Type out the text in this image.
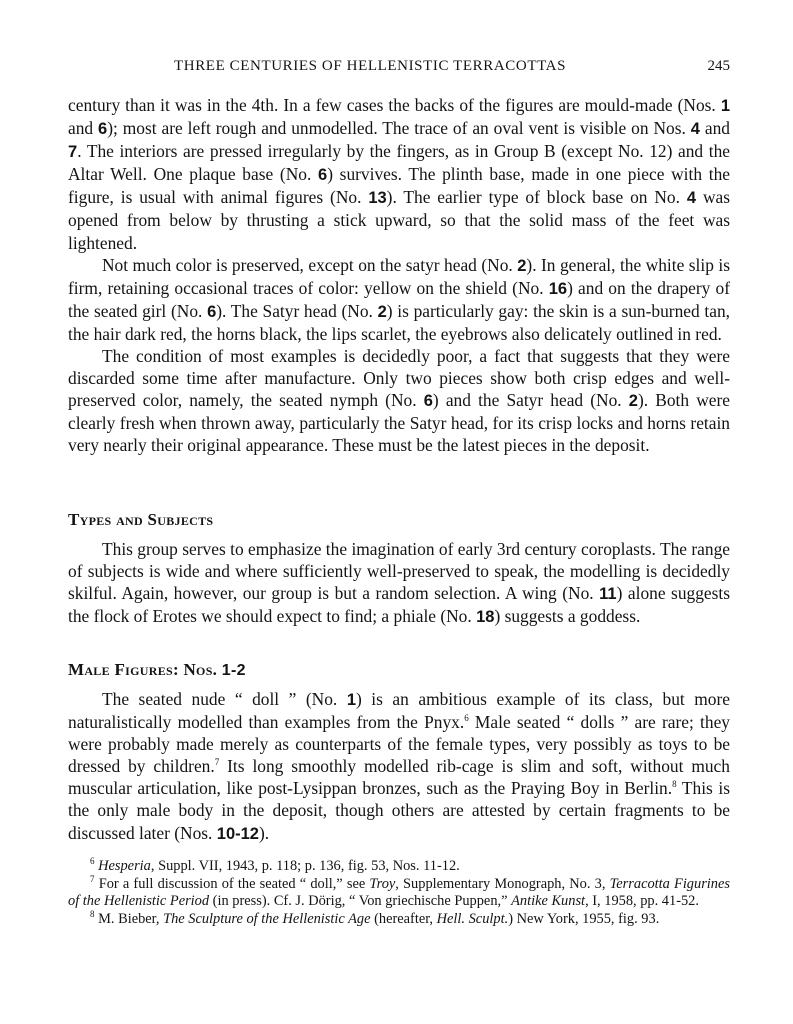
THREE CENTURIES OF HELLENISTIC TERRACOTTAS	245

century than it was in the 4th. In a few cases the backs of the figures are mould-made (Nos. 1 and 6); most are left rough and unmodelled. The trace of an oval vent is visible on Nos. 4 and 7. The interiors are pressed irregularly by the fingers, as in Group B (except No. 12) and the Altar Well. One plaque base (No. 6) survives. The plinth base, made in one piece with the figure, is usual with animal figures (No. 13). The earlier type of block base on No. 4 was opened from below by thrusting a stick upward, so that the solid mass of the feet was lightened.

Not much color is preserved, except on the satyr head (No. 2). In general, the white slip is firm, retaining occasional traces of color: yellow on the shield (No. 16) and on the drapery of the seated girl (No. 6). The Satyr head (No. 2) is particularly gay: the skin is a sun-burned tan, the hair dark red, the horns black, the lips scarlet, the eyebrows also delicately outlined in red.

The condition of most examples is decidedly poor, a fact that suggests that they were discarded some time after manufacture. Only two pieces show both crisp edges and well-preserved color, namely, the seated nymph (No. 6) and the Satyr head (No. 2). Both were clearly fresh when thrown away, particularly the Satyr head, for its crisp locks and horns retain very nearly their original appearance. These must be the latest pieces in the deposit.

Types and Subjects

This group serves to emphasize the imagination of early 3rd century coroplasts. The range of subjects is wide and where sufficiently well-preserved to speak, the modelling is decidedly skilful. Again, however, our group is but a random selection. A wing (No. 11) alone suggests the flock of Erotes we should expect to find; a phiale (No. 18) suggests a goddess.

Male Figures: Nos. 1-2

The seated nude “ doll ” (No. 1) is an ambitious example of its class, but more naturalistically modelled than examples from the Pnyx.$^6$ Male seated “ dolls ” are rare; they were probably made merely as counterparts of the female types, very possibly as toys to be dressed by children.$^7$ Its long smoothly modelled rib-cage is slim and soft, without much muscular articulation, like post-Lysippan bronzes, such as the Praying Boy in Berlin.$^8$ This is the only male body in the deposit, though others are attested by certain fragments to be discussed later (Nos. 10-12).

$^6$ Hesperia, Suppl. VII, 1943, p. 118; p. 136, fig. 53, Nos. 11-12.

$^7$ For a full discussion of the seated “ doll,” see Troy, Supplementary Monograph, No. 3, Terracotta Figurines of the Hellenistic Period (in press). Cf. J. Dörig, “ Von griechische Puppen,” Antike Kunst, I, 1958, pp. 41-52.

$^8$ M. Bieber, The Sculpture of the Hellenistic Age (hereafter, Hell. Sculpt.) New York, 1955, fig. 93.
